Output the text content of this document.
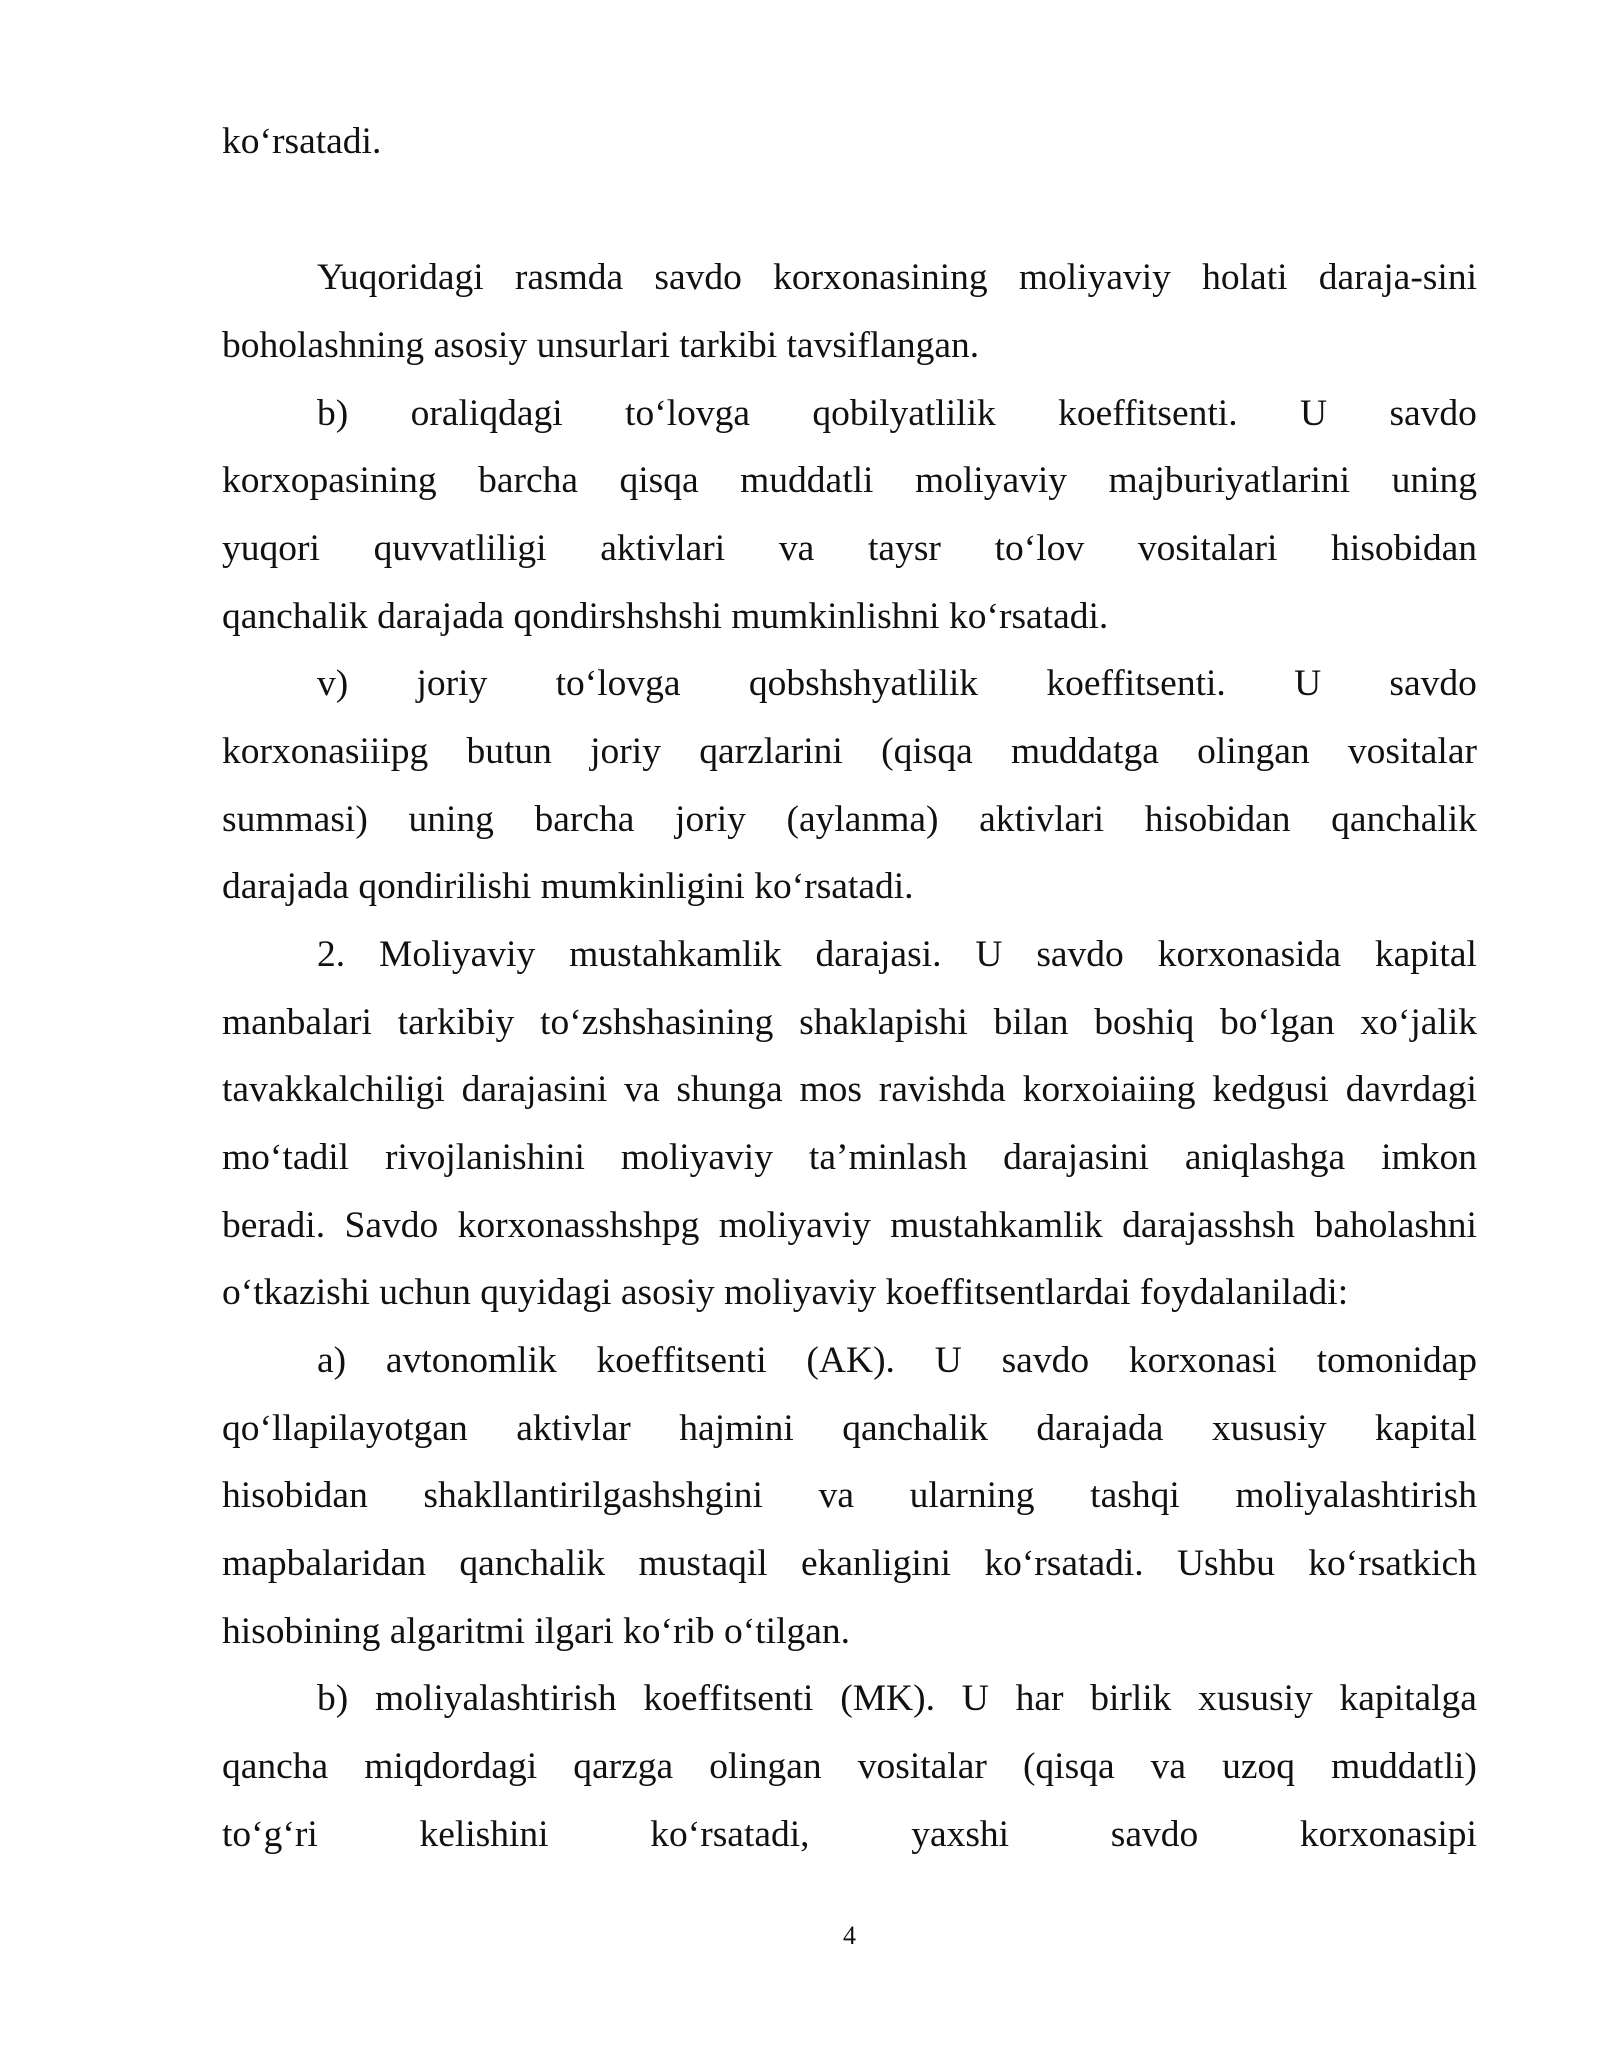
ko‘rsatadi.
Yuqoridagi rasmda savdo korxonasining moliyaviy holati daraja-sini
boholashning asosiy unsurlari tarkibi tavsiflangan.
b) oraliqdagi to‘lovga qobilyatlilik koeffitsenti. U savdo
korxopasining barcha qisqa muddatli moliyaviy majburiyatlarini uning
yuqori quvvatliligi aktivlari va taysr to‘lov vositalari hisobidan
qanchalik darajada qondirshshshi mumkinlishni ko‘rsatadi.
v) joriy to‘lovga qobshshyatlilik koeffitsenti. U savdo
korxonasiiipg butun joriy qarzlarini (qisqa muddatga olingan vositalar
summasi) uning barcha joriy (aylanma) aktivlari hisobidan qanchalik
darajada qondirilishi mumkinligini ko‘rsatadi.
2. Moliyaviy mustahkamlik darajasi. U savdo korxonasida kapital
manbalari tarkibiy to‘zshshasining shaklapishi bilan boshiq bo‘lgan xo‘jalik
tavakkalchiligi darajasini va shunga mos ravishda korxoiaiing kedgusi davrdagi
mo‘tadil rivojlanishini moliyaviy ta’minlash darajasini aniqlashga imkon
beradi. Savdo korxonasshshpg moliyaviy mustahkamlik darajasshsh baholashni
o‘tkazishi uchun quyidagi asosiy moliyaviy koeffitsentlardai foydalaniladi:
a) avtonomlik koeffitsenti (AK). U savdo korxonasi tomonidap
qo‘llapilayotgan aktivlar hajmini qanchalik darajada xususiy kapital
hisobidan shakllantirilgashshgini va ularning tashqi moliyalashtirish
mapbalaridan qanchalik mustaqil ekanligini ko‘rsatadi. Ushbu ko‘rsatkich
hisobining algaritmi ilgari ko‘rib o‘tilgan.
b) moliyalashtirish koeffitsenti (MK). U har birlik xususiy kapitalga
qancha miqdordagi qarzga olingan vositalar (qisqa va uzoq muddatli)
to‘g‘ri	kelishini	ko‘rsatadi,	yaxshi	savdo	korxonasipi
4
